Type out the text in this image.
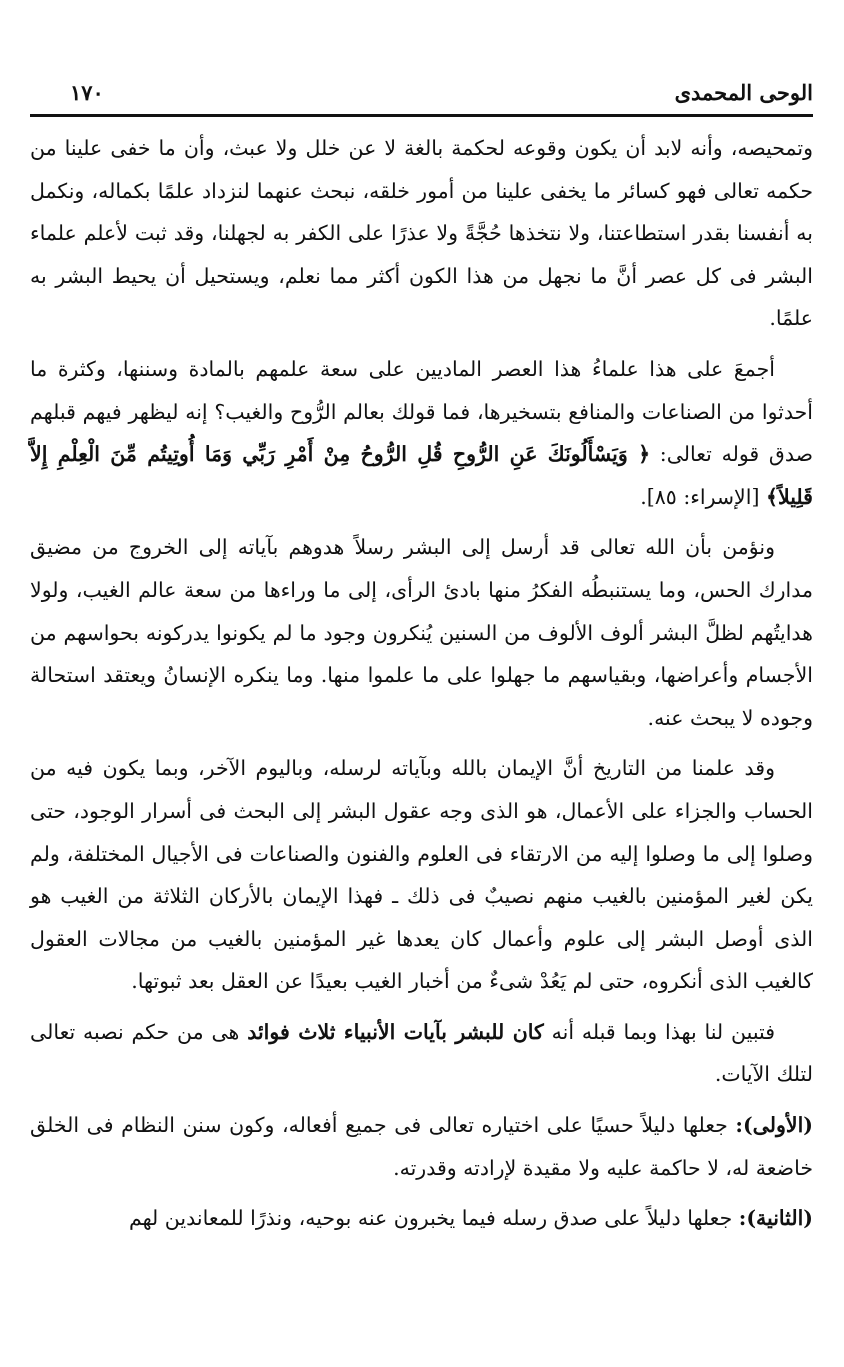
الوحى المحمدى
١٧٠

وتمحيصه، وأنه لابد أن يكون وقوعه لحكمة بالغة لا عن خلل ولا عبث، وأن ما خفى علينا من حكمه تعالى فهو كسائر ما يخفى علينا من أمور خلقه، نبحث عنهما لنزداد علمًا بكماله، ونكمل به أنفسنا بقدر استطاعتنا، ولا نتخذها حُجَّةً ولا عذرًا على الكفر به لجهلنا، وقد ثبت لأعلم علماء البشر فى كل عصر أنَّ ما نجهل من هذا الكون أكثر مما نعلم، ويستحيل أن يحيط البشر به علمًا.

أجمعَ على هذا علماءُ هذا العصر الماديين على سعة علمهم بالمادة وسننها، وكثرة ما أحدثوا من الصناعات والمنافع بتسخيرها، فما قولك بعالم الرُّوح والغيب؟ إنه ليظهر فيهم قبلهم صدق قوله تعالى: ﴿ وَيَسْأَلُونَكَ عَنِ الرُّوحِ قُلِ الرُّوحُ مِنْ أَمْرِ رَبِّي وَمَا أُوتِيتُم مِّنَ الْعِلْمِ إِلاَّ قَلِيلاً﴾ [الإسراء: ٨٥].

ونؤمن بأن الله تعالى قد أرسل إلى البشر رسلاً هدوهم بآياته إلى الخروج من مضيق مدارك الحس، وما يستنبطُه الفكرُ منها بادئ الرأى، إلى ما وراءها من سعة عالم الغيب، ولولا هدايتُهم لظلَّ البشر ألوف الألوف من السنين يُنكرون وجود ما لم يكونوا يدركونه بحواسهم من الأجسام وأعراضها، وبقياسهم ما جهلوا على ما علموا منها. وما ينكره الإنسانُ ويعتقد استحالة وجوده لا يبحث عنه.

وقد علمنا من التاريخ أنَّ الإيمان بالله وبآياته لرسله، وباليوم الآخر، وبما يكون فيه من الحساب والجزاء على الأعمال، هو الذى وجه عقول البشر إلى البحث فى أسرار الوجود، حتى وصلوا إلى ما وصلوا إليه من الارتقاء فى العلوم والفنون والصناعات فى الأجيال المختلفة، ولم يكن لغير المؤمنين بالغيب منهم نصيبٌ فى ذلك ـ فهذا الإيمان بالأركان الثلاثة من الغيب هو الذى أوصل البشر إلى علوم وأعمال كان يعدها غير المؤمنين بالغيب من مجالات العقول كالغيب الذى أنكروه، حتى لم يَعُدْ شىءٌ من أخبار الغيب بعيدًا عن العقل بعد ثبوتها.

فتبين لنا بهذا وبما قبله أنه كان للبشر بآيات الأنبياء ثلاث فوائد هى من حكم نصبه تعالى لتلك الآيات.

(الأولى): جعلها دليلاً حسيًا على اختياره تعالى فى جميع أفعاله، وكون سنن النظام فى الخلق خاضعة له، لا حاكمة عليه ولا مقيدة لإرادته وقدرته.

(الثانية): جعلها دليلاً على صدق رسله فيما يخبرون عنه بوحيه، ونذرًا للمعاندين لهم
